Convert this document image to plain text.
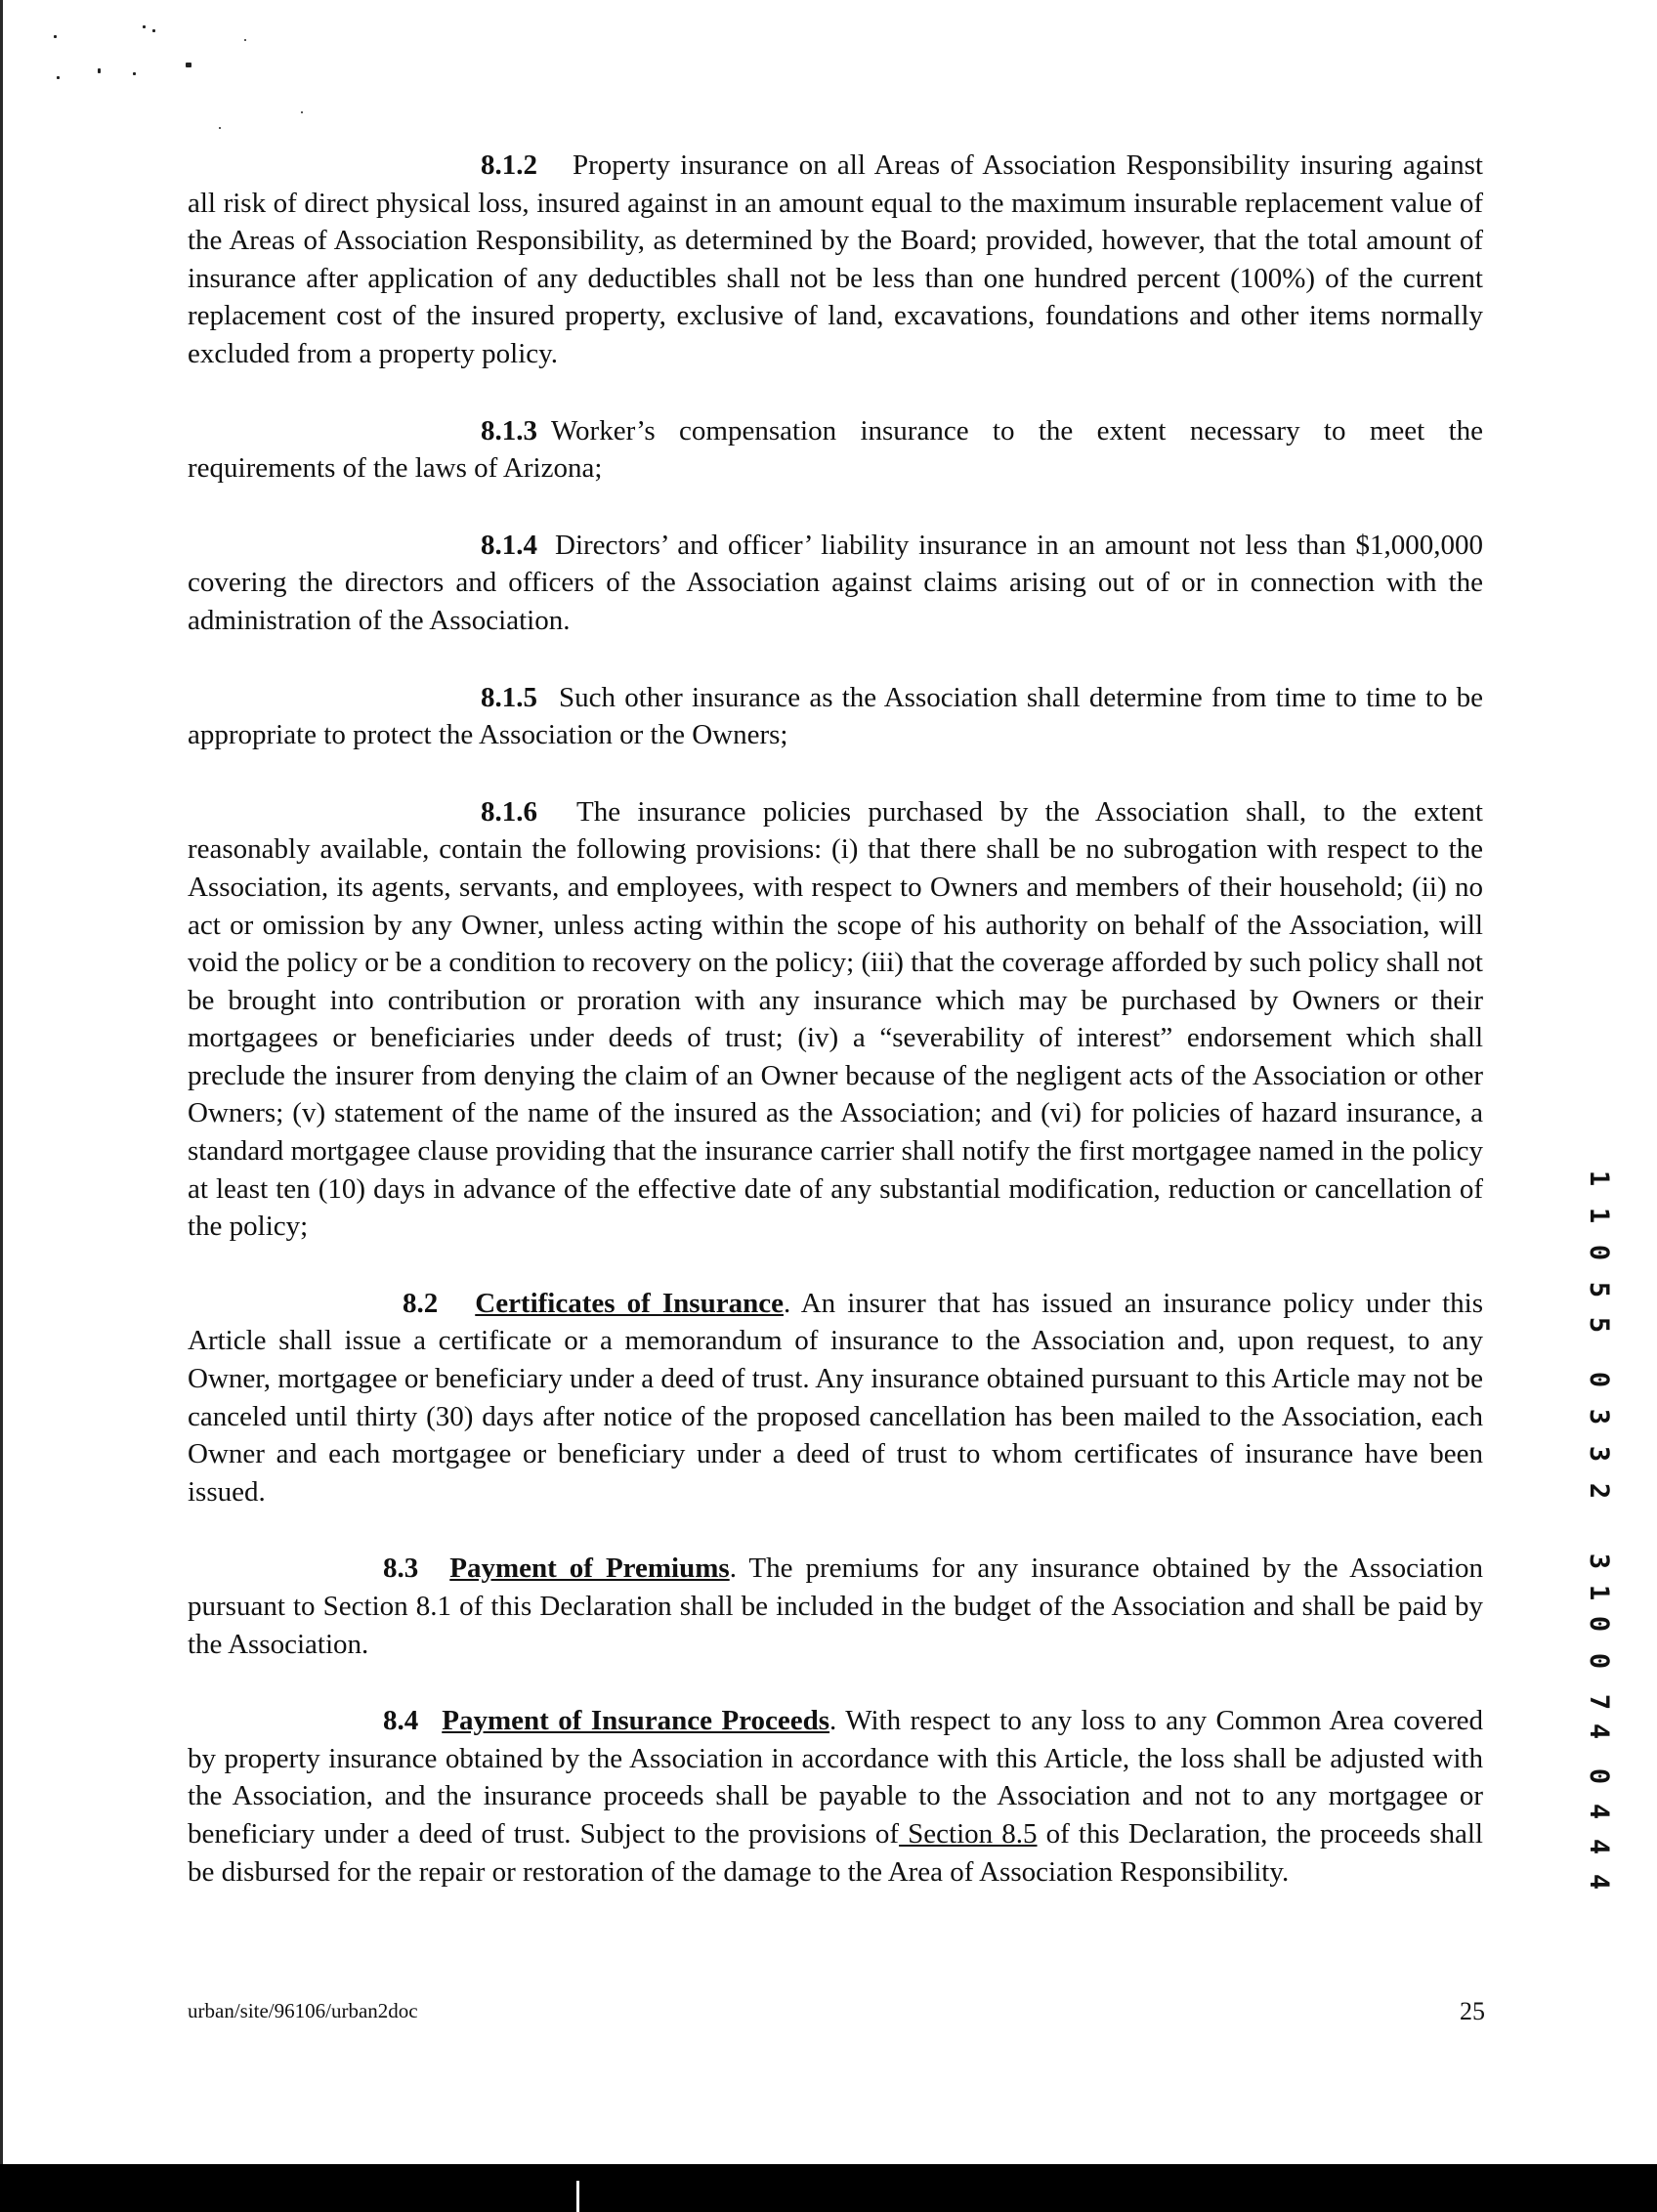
8.1.2 Property insurance on all Areas of Association Responsibility insuring against all risk of direct physical loss, insured against in an amount equal to the maximum insurable replacement value of the Areas of Association Responsibility, as determined by the Board; provided, however, that the total amount of insurance after application of any deductibles shall not be less than one hundred percent (100%) of the current replacement cost of the insured property, exclusive of land, excavations, foundations and other items normally excluded from a property policy.

8.1.3 Worker’s compensation insurance to the extent necessary to meet the requirements of the laws of Arizona;

8.1.4 Directors’ and officer’ liability insurance in an amount not less than $1,000,000 covering the directors and officers of the Association against claims arising out of or in connection with the administration of the Association.

8.1.5 Such other insurance as the Association shall determine from time to time to be appropriate to protect the Association or the Owners;

8.1.6 The insurance policies purchased by the Association shall, to the extent reasonably available, contain the following provisions: (i) that there shall be no subrogation with respect to the Association, its agents, servants, and employees, with respect to Owners and members of their household; (ii) no act or omission by any Owner, unless acting within the scope of his authority on behalf of the Association, will void the policy or be a condition to recovery on the policy; (iii) that the coverage afforded by such policy shall not be brought into contribution or proration with any insurance which may be purchased by Owners or their mortgagees or beneficiaries under deeds of trust; (iv) a “severability of interest” endorsement which shall preclude the insurer from denying the claim of an Owner because of the negligent acts of the Association or other Owners; (v) statement of the name of the insured as the Association; and (vi) for policies of hazard insurance, a standard mortgagee clause providing that the insurance carrier shall notify the first mortgagee named in the policy at least ten (10) days in advance of the effective date of any substantial modification, reduction or cancellation of the policy;

8.2 Certificates of Insurance. An insurer that has issued an insurance policy under this Article shall issue a certificate or a memorandum of insurance to the Association and, upon request, to any Owner, mortgagee or beneficiary under a deed of trust. Any insurance obtained pursuant to this Article may not be canceled until thirty (30) days after notice of the proposed cancellation has been mailed to the Association, each Owner and each mortgagee or beneficiary under a deed of trust to whom certificates of insurance have been issued.

8.3 Payment of Premiums. The premiums for any insurance obtained by the Association pursuant to Section 8.1 of this Declaration shall be included in the budget of the Association and shall be paid by the Association.

8.4 Payment of Insurance Proceeds. With respect to any loss to any Common Area covered by property insurance obtained by the Association in accordance with this Article, the loss shall be adjusted with the Association, and the insurance proceeds shall be payable to the Association and not to any mortgagee or beneficiary under a deed of trust. Subject to the provisions of Section 8.5 of this Declaration, the proceeds shall be disbursed for the repair or restoration of the damage to the Area of Association Responsibility.

urban/site/96106/urban2doc	25
1
1
0
5
5
0
3
3
2
3
1
0
0
7
4
0
4
4
4
